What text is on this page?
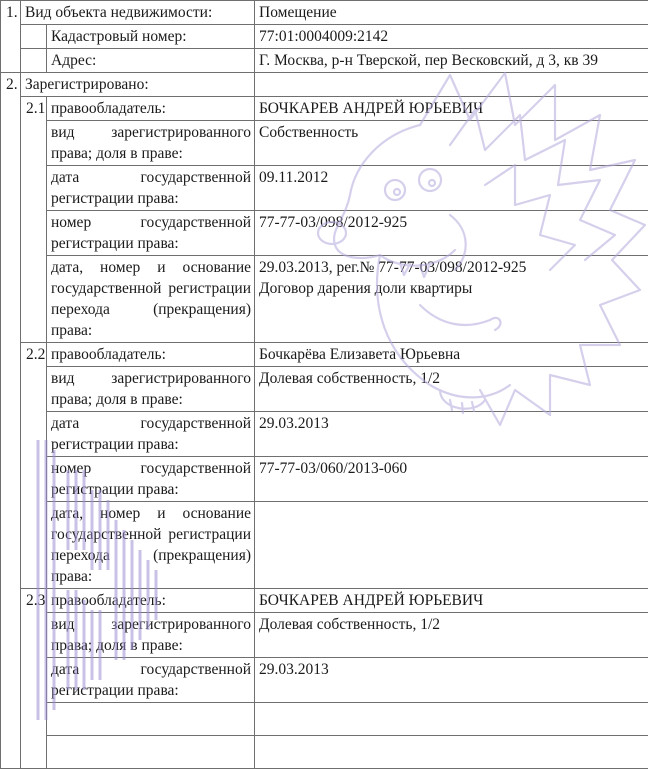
1.	Вид объекта недвижимости:		Помещение
		Кадастровый номер:	77:01:0004009:2142
		Адрес:	Г. Москва, р-н Тверской, пер Весковский, д 3, кв 39
2.	Зарегистрировано:		
	2.1	правообладатель:	БОЧКАРЕВ АНДРЕЙ ЮРЬЕВИЧ
		вид зарегистрированного права; доля в праве:	Собственность
		дата государственной регистрации права:	09.11.2012
		номер государственной регистрации права:	77-77-03/098/2012-925
		дата, номер и основание государственной регистрации перехода (прекращения) права:	29.03.2013, рег.№ 77-77-03/098/2012-925
Договор дарения доли квартиры

	2.2	правообладатель:	Бочкарёва Елизавета Юрьевна
		вид зарегистрированного права; доля в праве:	Долевая собственность, 1/2
		дата государственной регистрации права:	29.03.2013
		номер государственной регистрации права:	77-77-03/060/2013-060
		дата, номер и основание государственной регистрации перехода (прекращения) права:	
	2.3	правообладатель:	БОЧКАРЕВ АНДРЕЙ ЮРЬЕВИЧ
		вид зарегистрированного права; доля в праве:	Долевая собственность, 1/2
		дата государственной регистрации права:	29.03.2013
